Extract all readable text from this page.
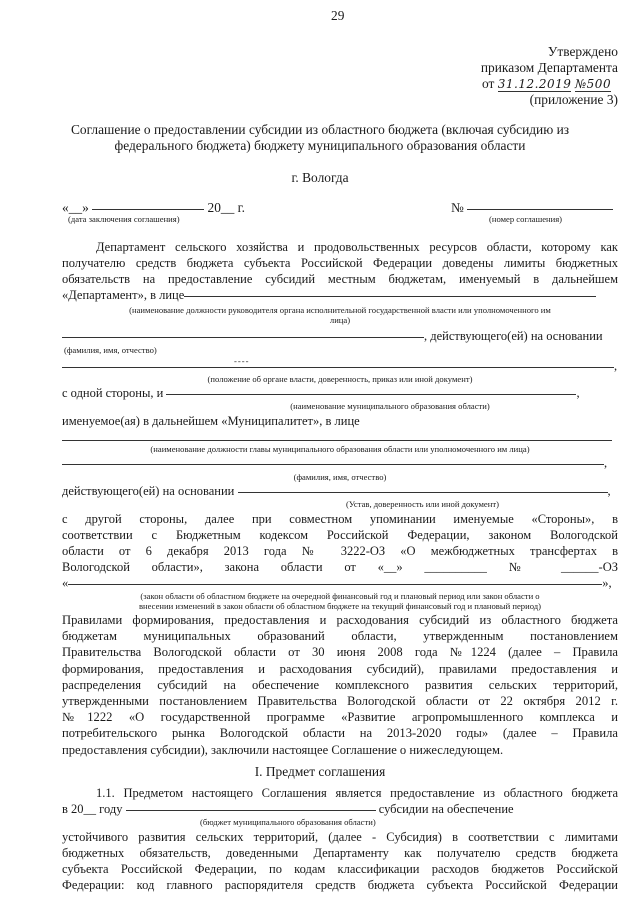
29
Утверждено
приказом Департамента
от 31.12.2019 №500
(приложение 3)
Соглашение о предоставлении субсидии из областного бюджета (включая субсидию из
федерального бюджета) бюджету муниципального образования области
г. Вологда
«__»	20__ г.	№
(дата заключения соглашения)	(номер соглашения)
Департамент сельского хозяйства и продовольственных ресурсов области, которому как
получателю средств бюджета субъекта Российской Федерации доведены лимиты бюджетных
обязательств на предоставление субсидий местным бюджетам, именуемый в дальнейшем
«Департамент», в лице
(наименование должности руководителя органа исполнительной государственной власти или уполномоченного им
лица)
, действующего(ей) на основании
(фамилия, имя, отчество)
----	,
(положение об органе власти, доверенность, приказ или иной документ)
с одной стороны, и	,
(наименование муниципального образования области)
именуемое(ая) в дальнейшем «Муниципалитет», в лице
(наименование должности главы муниципального образования области или уполномоченного им лица)
,
(фамилия, имя, отчество)
действующего(ей) на основании	,
(Устав, доверенность или иной документ)
с другой стороны, далее при совместном упоминании именуемые «Стороны», в
соответствии с Бюджетным кодексом Российской Федерации, законом Вологодской
области от 6 декабря 2013 года № 3222-ОЗ «О межбюджетных трансфертах в
Вологодской области», закона области от «__» __________ № ______-ОЗ
«	»,
(закон области об областном бюджете на очередной финансовый год и плановый период или закон области о
внесении изменений в закон области об областном бюджете на текущий финансовый год и плановый период)
Правилами формирования, предоставления и расходования субсидий из областного бюджета
бюджетам муниципальных образований области, утвержденным постановлением
Правительства Вологодской области от 30 июня 2008 года №1224 (далее – Правила
формирования, предоставления и расходования субсидий), правилами предоставления и
распределения субсидий на обеспечение комплексного развития сельских территорий,
утвержденными постановлением Правительства Вологодской области от 22 октября 2012 г.
№1222 «О государственной программе «Развитие агропромышленного комплекса и
потребительского рынка Вологодской области на 2013-2020 годы» (далее – Правила
предоставления субсидии), заключили настоящее Соглашение о нижеследующем.
I. Предмет соглашения
1.1. Предметом настоящего Соглашения является предоставление из областного бюджета
в 20__ году	субсидии на обеспечение
(бюджет муниципального образования области)
устойчивого развития сельских территорий, (далее - Субсидия) в соответствии с лимитами
бюджетных обязательств, доведенными Департаменту как получателю средств бюджета
субъекта Российской Федерации, по кодам классификации расходов бюджетов Российской
Федерации: код главного распорядителя средств бюджета субъекта Российской Федерации
